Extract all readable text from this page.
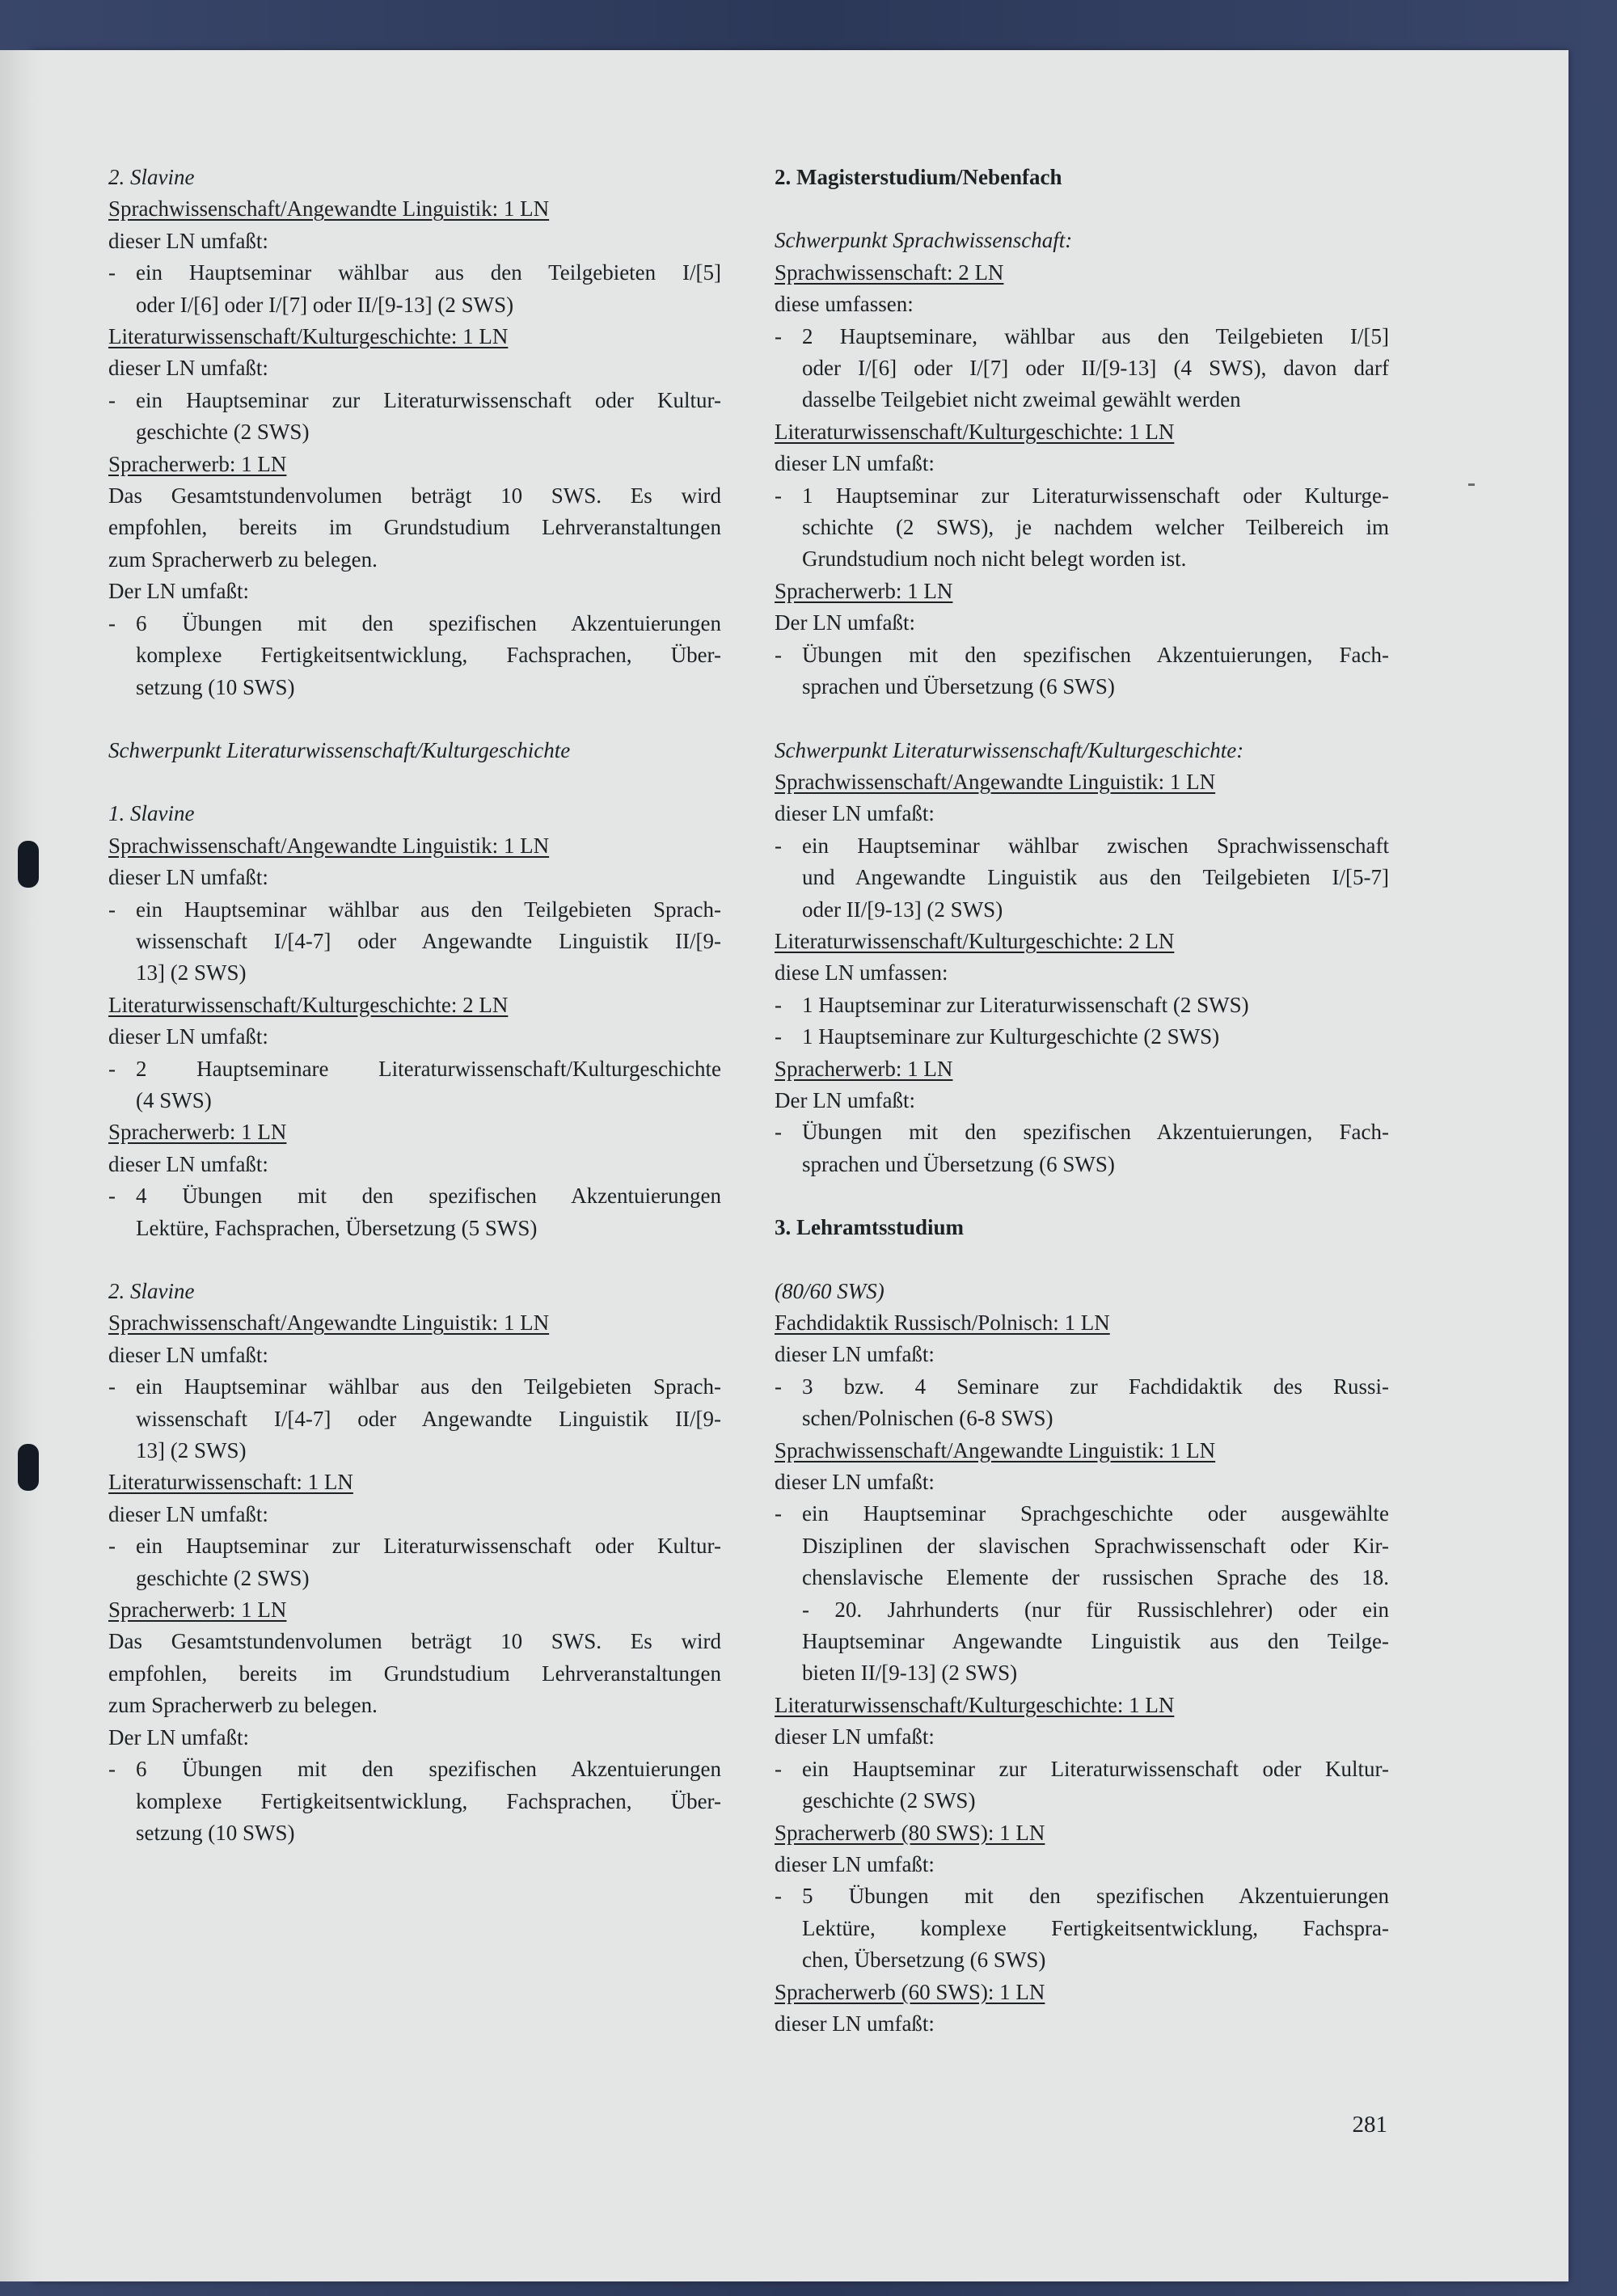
2. Slavine
Sprachwissenschaft/Angewandte Linguistik: 1 LN
dieser LN umfaßt:
- ein Hauptseminar wählbar aus den Teilgebieten I/[5]
oder I/[6] oder I/[7] oder II/[9-13] (2 SWS)
Literaturwissenschaft/Kulturgeschichte: 1 LN
dieser LN umfaßt:
- ein Hauptseminar zur Literaturwissenschaft oder Kultur-
geschichte (2 SWS)
Spracherwerb: 1 LN
Das Gesamtstundenvolumen beträgt 10 SWS. Es wird
empfohlen, bereits im Grundstudium Lehrveranstaltungen
zum Spracherwerb zu belegen.
Der LN umfaßt:
- 6 Übungen mit den spezifischen Akzentuierungen
komplexe Fertigkeitsentwicklung, Fachsprachen, Über-
setzung (10 SWS)
Schwerpunkt Literaturwissenschaft/Kulturgeschichte
1. Slavine
Sprachwissenschaft/Angewandte Linguistik: 1 LN
dieser LN umfaßt:
- ein Hauptseminar wählbar aus den Teilgebieten Sprach-
wissenschaft I/[4-7] oder Angewandte Linguistik II/[9-
13] (2 SWS)
Literaturwissenschaft/Kulturgeschichte: 2 LN
dieser LN umfaßt:
- 2 Hauptseminare Literaturwissenschaft/Kulturgeschichte
(4 SWS)
Spracherwerb: 1 LN
dieser LN umfaßt:
- 4 Übungen mit den spezifischen Akzentuierungen
Lektüre, Fachsprachen, Übersetzung (5 SWS)
2. Slavine
Sprachwissenschaft/Angewandte Linguistik: 1 LN
dieser LN umfaßt:
- ein Hauptseminar wählbar aus den Teilgebieten Sprach-
wissenschaft I/[4-7] oder Angewandte Linguistik II/[9-
13] (2 SWS)
Literaturwissenschaft: 1 LN
dieser LN umfaßt:
- ein Hauptseminar zur Literaturwissenschaft oder Kultur-
geschichte (2 SWS)
Spracherwerb: 1 LN
Das Gesamtstundenvolumen beträgt 10 SWS. Es wird
empfohlen, bereits im Grundstudium Lehrveranstaltungen
zum Spracherwerb zu belegen.
Der LN umfaßt:
- 6 Übungen mit den spezifischen Akzentuierungen
komplexe Fertigkeitsentwicklung, Fachsprachen, Über-
setzung (10 SWS)
2. Magisterstudium/Nebenfach
Schwerpunkt Sprachwissenschaft:
Sprachwissenschaft: 2 LN
diese umfassen:
- 2 Hauptseminare, wählbar aus den Teilgebieten I/[5]
oder I/[6] oder I/[7] oder II/[9-13] (4 SWS), davon darf
dasselbe Teilgebiet nicht zweimal gewählt werden
Literaturwissenschaft/Kulturgeschichte: 1 LN
dieser LN umfaßt:
- 1 Hauptseminar zur Literaturwissenschaft oder Kulturge-
schichte (2 SWS), je nachdem welcher Teilbereich im
Grundstudium noch nicht belegt worden ist.
Spracherwerb: 1 LN
Der LN umfaßt:
- Übungen mit den spezifischen Akzentuierungen, Fach-
sprachen und Übersetzung (6 SWS)
Schwerpunkt Literaturwissenschaft/Kulturgeschichte:
Sprachwissenschaft/Angewandte Linguistik: 1 LN
dieser LN umfaßt:
- ein Hauptseminar wählbar zwischen Sprachwissenschaft
und Angewandte Linguistik aus den Teilgebieten I/[5-7]
oder II/[9-13] (2 SWS)
Literaturwissenschaft/Kulturgeschichte: 2 LN
diese LN umfassen:
- 1 Hauptseminar zur Literaturwissenschaft (2 SWS)
- 1 Hauptseminare zur Kulturgeschichte (2 SWS)
Spracherwerb: 1 LN
Der LN umfaßt:
- Übungen mit den spezifischen Akzentuierungen, Fach-
sprachen und Übersetzung (6 SWS)
3. Lehramtsstudium
(80/60 SWS)
Fachdidaktik Russisch/Polnisch: 1 LN
dieser LN umfaßt:
- 3 bzw. 4 Seminare zur Fachdidaktik des Russi-
schen/Polnischen (6-8 SWS)
Sprachwissenschaft/Angewandte Linguistik: 1 LN
dieser LN umfaßt:
- ein Hauptseminar Sprachgeschichte oder ausgewählte
Disziplinen der slavischen Sprachwissenschaft oder Kir-
chenslavische Elemente der russischen Sprache des 18.
- 20. Jahrhunderts (nur für Russischlehrer) oder ein
Hauptseminar Angewandte Linguistik aus den Teilge-
bieten II/[9-13] (2 SWS)
Literaturwissenschaft/Kulturgeschichte: 1 LN
dieser LN umfaßt:
- ein Hauptseminar zur Literaturwissenschaft oder Kultur-
geschichte (2 SWS)
Spracherwerb (80 SWS): 1 LN
dieser LN umfaßt:
- 5 Übungen mit den spezifischen Akzentuierungen
Lektüre, komplexe Fertigkeitsentwicklung, Fachspra-
chen, Übersetzung (6 SWS)
Spracherwerb (60 SWS): 1 LN
dieser LN umfaßt:
281
